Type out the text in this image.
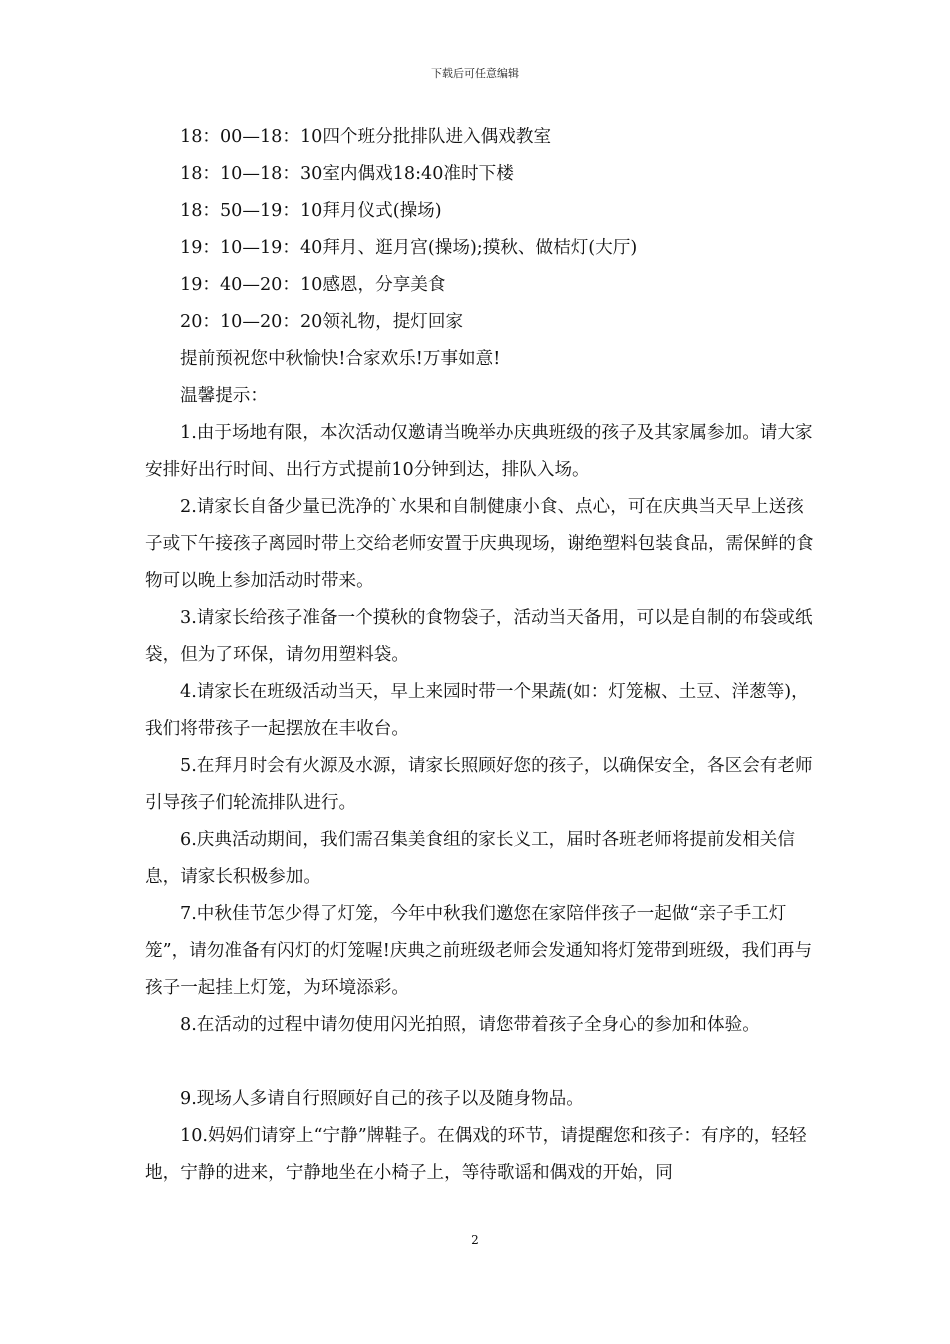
下载后可任意编辑

18：00—18：10四个班分批排队进入偶戏教室

18：10—18：30室内偶戏18:40准时下楼

18：50—19：10拜月仪式(操场)

19：10—19：40拜月、逛月宫(操场);摸秋、做桔灯(大厅)

19：40—20：10感恩，分享美食

20：10—20：20领礼物，提灯回家

提前预祝您中秋愉快!合家欢乐!万事如意!

温馨提示：

1.由于场地有限，本次活动仅邀请当晚举办庆典班级的孩子及其家属参加。请大家安排好出行时间、出行方式提前10分钟到达，排队入场。

2.请家长自备少量已洗净的`水果和自制健康小食、点心，可在庆典当天早上送孩子或下午接孩子离园时带上交给老师安置于庆典现场，谢绝塑料包装食品，需保鲜的食物可以晚上参加活动时带来。

3.请家长给孩子准备一个摸秋的食物袋子，活动当天备用，可以是自制的布袋或纸袋，但为了环保，请勿用塑料袋。

4.请家长在班级活动当天，早上来园时带一个果蔬(如：灯笼椒、土豆、洋葱等)，我们将带孩子一起摆放在丰收台。

5.在拜月时会有火源及水源，请家长照顾好您的孩子，以确保安全，各区会有老师引导孩子们轮流排队进行。

6.庆典活动期间，我们需召集美食组的家长义工，届时各班老师将提前发相关信息，请家长积极参加。

7.中秋佳节怎少得了灯笼，今年中秋我们邀您在家陪伴孩子一起做“亲子手工灯笼”，请勿准备有闪灯的灯笼喔!庆典之前班级老师会发通知将灯笼带到班级，我们再与孩子一起挂上灯笼，为环境添彩。

8.在活动的过程中请勿使用闪光拍照，请您带着孩子全身心的参加和体验。

9.现场人多请自行照顾好自己的孩子以及随身物品。

10.妈妈们请穿上“宁静”牌鞋子。在偶戏的环节，请提醒您和孩子：有序的，轻轻地，宁静的进来，宁静地坐在小椅子上，等待歌谣和偶戏的开始，同

2
